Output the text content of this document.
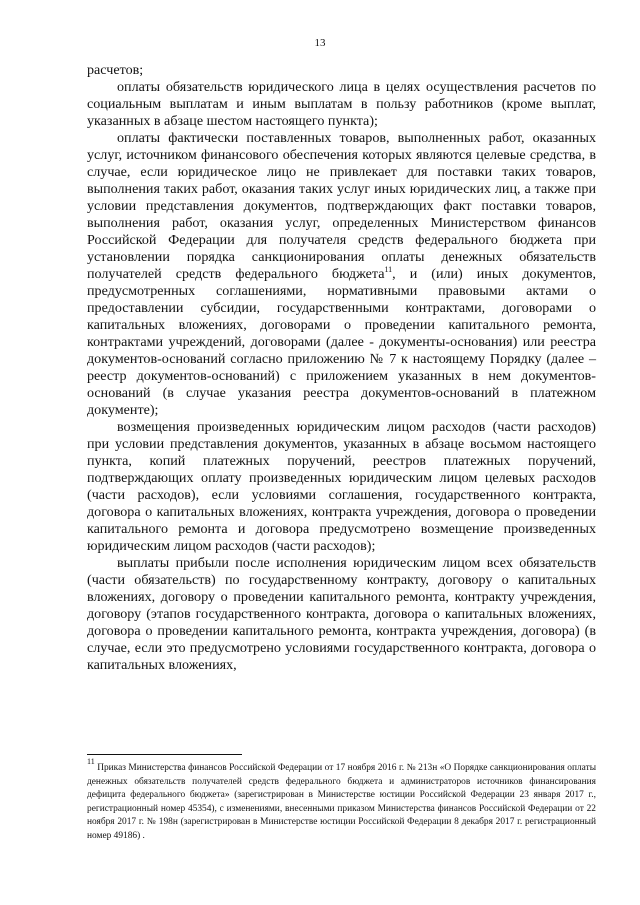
13

расчетов;

оплаты обязательств юридического лица в целях осуществления расчетов по социальным выплатам и иным выплатам в пользу работников (кроме выплат, указанных в абзаце шестом настоящего пункта);

оплаты фактически поставленных товаров, выполненных работ, оказанных услуг, источником финансового обеспечения которых являются целевые средства, в случае, если юридическое лицо не привлекает для поставки таких товаров, выполнения таких работ, оказания таких услуг иных юридических лиц, а также при условии представления документов, подтверждающих факт поставки товаров, выполнения работ, оказания услуг, определенных Министерством финансов Российской Федерации для получателя средств федерального бюджета при установлении порядка санкционирования оплаты денежных обязательств получателей средств федерального бюджета$^{11}$, и (или) иных документов, предусмотренных соглашениями, нормативными правовыми актами о предоставлении субсидии, государственными контрактами, договорами о капитальных вложениях, договорами о проведении капитального ремонта, контрактами учреждений, договорами (далее - документы-основания) или реестра документов-оснований согласно приложению № 7 к настоящему Порядку (далее – реестр документов-оснований) с приложением указанных в нем документов-оснований (в случае указания реестра документов-оснований в платежном документе);

возмещения произведенных юридическим лицом расходов (части расходов) при условии представления документов, указанных в абзаце восьмом настоящего пункта, копий платежных поручений, реестров платежных поручений, подтверждающих оплату произведенных юридическим лицом целевых расходов (части расходов), если условиями соглашения, государственного контракта, договора о капитальных вложениях, контракта учреждения, договора о проведении капитального ремонта и договора предусмотрено возмещение произведенных юридическим лицом расходов (части расходов);

выплаты прибыли после исполнения юридическим лицом всех обязательств (части обязательств) по государственному контракту, договору о капитальных вложениях, договору о проведении капитального ремонта, контракту учреждения, договору (этапов государственного контракта, договора о капитальных вложениях, договора о проведении капитального ремонта, контракта учреждения, договора) (в случае, если это предусмотрено условиями государственного контракта, договора о капитальных вложениях,

$^{11}$ Приказ Министерства финансов Российской Федерации от 17 ноября 2016 г. № 213н «О Порядке санкционирования оплаты денежных обязательств получателей средств федерального бюджета и администраторов источников финансирования дефицита федерального бюджета» (зарегистрирован в Министерстве юстиции Российской Федерации 23 января 2017 г., регистрационный номер 45354), с изменениями, внесенными приказом Министерства финансов Российской Федерации от 22 ноября 2017 г. № 198н (зарегистрирован в Министерстве юстиции Российской Федерации 8 декабря 2017 г. регистрационный номер 49186) .
